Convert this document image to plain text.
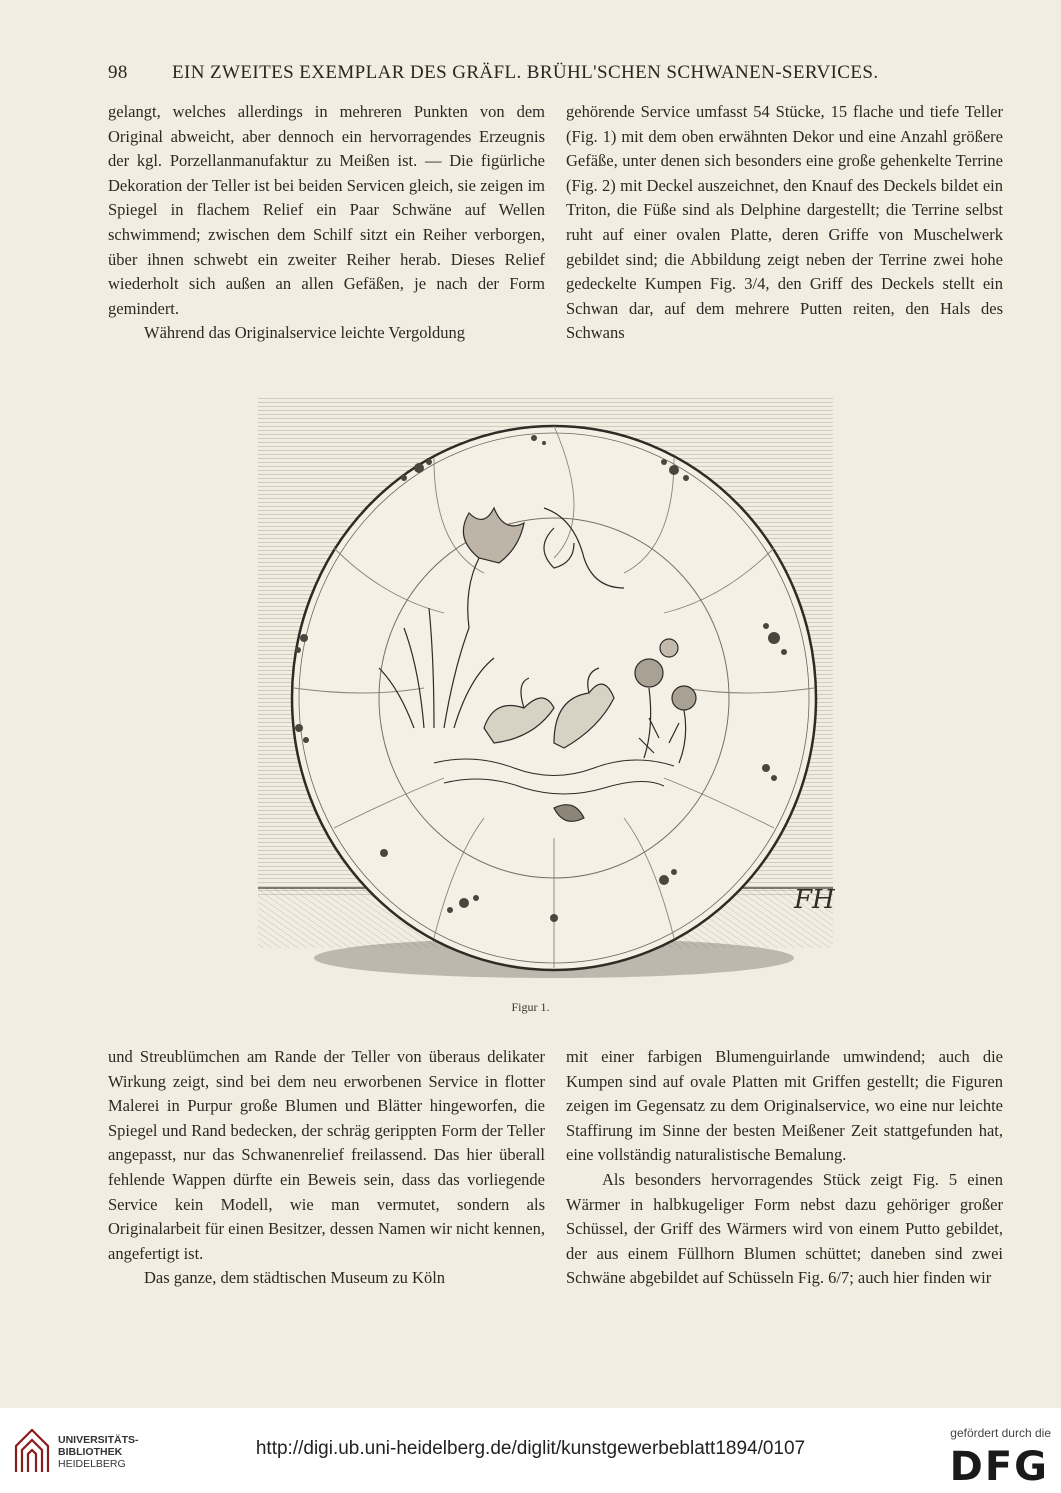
98 EIN ZWEITES EXEMPLAR DES GRÄFL. BRÜHL'SCHEN SCHWANEN-SERVICES.

gelangt, welches allerdings in mehreren Punkten von dem Original abweicht, aber dennoch ein hervorragendes Erzeugnis der kgl. Porzellanmanufaktur zu Meißen ist. — Die figürliche Dekoration der Teller ist bei beiden Servicen gleich, sie zeigen im Spiegel in flachem Relief ein Paar Schwäne auf Wellen schwimmend; zwischen dem Schilf sitzt ein Reiher verborgen, über ihnen schwebt ein zweiter Reiher herab. Dieses Relief wiederholt sich außen an allen Gefäßen, je nach der Form gemindert.

Während das Originalservice leichte Vergoldung

gehörende Service umfasst 54 Stücke, 15 flache und tiefe Teller (Fig. 1) mit dem oben erwähnten Dekor und eine Anzahl größere Gefäße, unter denen sich besonders eine große gehenkelte Terrine (Fig. 2) mit Deckel auszeichnet, den Knauf des Deckels bildet ein Triton, die Füße sind als Delphine dargestellt; die Terrine selbst ruht auf einer ovalen Platte, deren Griffe von Muschelwerk gebildet sind; die Abbildung zeigt neben der Terrine zwei hohe gedeckelte Kumpen Fig. 3/4, den Griff des Deckels stellt ein Schwan dar, auf dem mehrere Putten reiten, den Hals des Schwans

FH
Figur 1.

und Streublümchen am Rande der Teller von überaus delikater Wirkung zeigt, sind bei dem neu erworbenen Service in flotter Malerei in Purpur große Blumen und Blätter hingeworfen, die Spiegel und Rand bedecken, der schräg gerippten Form der Teller angepasst, nur das Schwanenrelief freilassend. Das hier überall fehlende Wappen dürfte ein Beweis sein, dass das vorliegende Service kein Modell, wie man vermutet, sondern als Originalarbeit für einen Besitzer, dessen Namen wir nicht kennen, angefertigt ist.

Das ganze, dem städtischen Museum zu Köln

mit einer farbigen Blumenguirlande umwindend; auch die Kumpen sind auf ovale Platten mit Griffen gestellt; die Figuren zeigen im Gegensatz zu dem Originalservice, wo eine nur leichte Staffirung im Sinne der besten Meißener Zeit stattgefunden hat, eine vollständig naturalistische Bemalung.

Als besonders hervorragendes Stück zeigt Fig. 5 einen Wärmer in halbkugeliger Form nebst dazu gehöriger großer Schüssel, der Griff des Wärmers wird von einem Putto gebildet, der aus einem Füllhorn Blumen schüttet; daneben sind zwei Schwäne abgebildet auf Schüsseln Fig. 6/7; auch hier finden wir

UNIVERSITÄTS-
BIBLIOTHEK
HEIDELBERG
http://digi.ub.uni-heidelberg.de/diglit/kunstgewerbeblatt1894/0107
gefördert durch die
DFG
